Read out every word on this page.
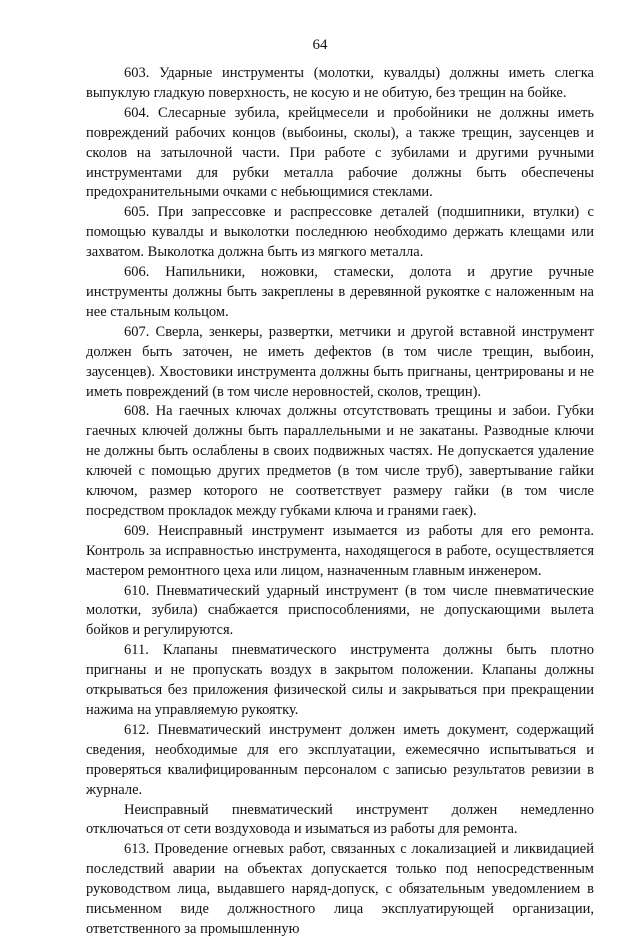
64

603. Ударные инструменты (молотки, кувалды) должны иметь слегка выпуклую гладкую поверхность, не косую и не обитую, без трещин на бойке.

604. Слесарные зубила, крейцмесели и пробойники не должны иметь повреждений рабочих концов (выбоины, сколы), а также трещин, заусенцев и сколов на затылочной части. При работе с зубилами и другими ручными инструментами для рубки металла рабочие должны быть обеспечены предохранительными очками с небьющимися стеклами.

605. При запрессовке и распрессовке деталей (подшипники, втулки) с помощью кувалды и выколотки последнюю необходимо держать клещами или захватом. Выколотка должна быть из мягкого металла.

606. Напильники, ножовки, стамески, долота и другие ручные инструменты должны быть закреплены в деревянной рукоятке с наложенным на нее стальным кольцом.

607. Сверла, зенкеры, развертки, метчики и другой вставной инструмент должен быть заточен, не иметь дефектов (в том числе трещин, выбоин, заусенцев). Хвостовики инструмента должны быть пригнаны, центрированы и не иметь повреждений (в том числе неровностей, сколов, трещин).

608. На гаечных ключах должны отсутствовать трещины и забои. Губки гаечных ключей должны быть параллельными и не закатаны. Разводные ключи не должны быть ослаблены в своих подвижных частях. Не допускается удаление ключей с помощью других предметов (в том числе труб), завертывание гайки ключом, размер которого не соответствует размеру гайки (в том числе посредством прокладок между губками ключа и гранями гаек).

609. Неисправный инструмент изымается из работы для его ремонта. Контроль за исправностью инструмента, находящегося в работе, осуществляется мастером ремонтного цеха или лицом, назначенным главным инженером.

610. Пневматический ударный инструмент (в том числе пневматические молотки, зубила) снабжается приспособлениями, не допускающими вылета бойков и регулируются.

611. Клапаны пневматического инструмента должны быть плотно пригнаны и не пропускать воздух в закрытом положении. Клапаны должны открываться без приложения физической силы и закрываться при прекращении нажима на управляемую рукоятку.

612. Пневматический инструмент должен иметь документ, содержащий сведения, необходимые для его эксплуатации, ежемесячно испытываться и проверяться квалифицированным персоналом с записью результатов ревизии в журнале.

Неисправный пневматический инструмент должен немедленно отключаться от сети воздуховода и изыматься из работы для ремонта.

613. Проведение огневых работ, связанных с локализацией и ликвидацией последствий аварии на объектах допускается только под непосредственным руководством лица, выдавшего наряд-допуск, с обязательным уведомлением в письменном виде должностного лица эксплуатирующей организации, ответственного за промышленную
